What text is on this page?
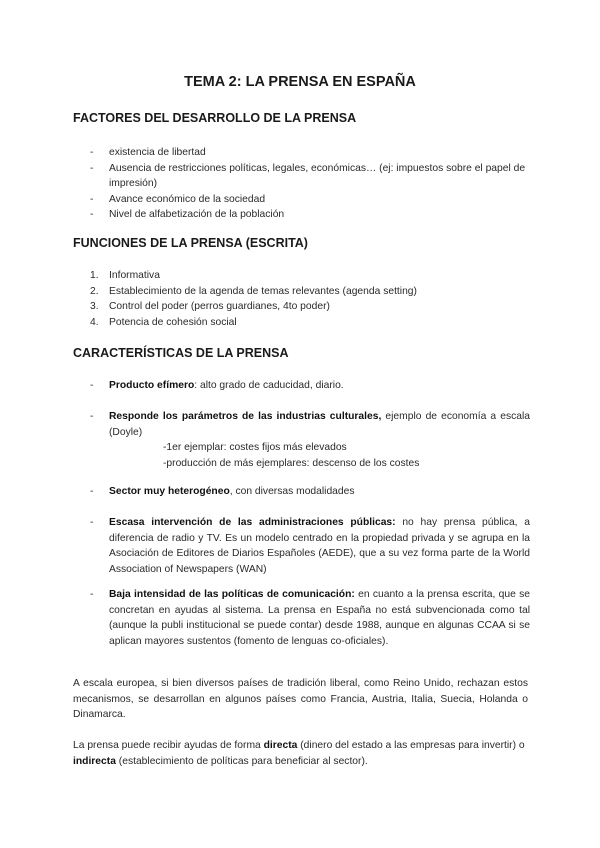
TEMA 2: LA PRENSA EN ESPAÑA
FACTORES DEL DESARROLLO DE LA PRENSA
- existencia de libertad
- Ausencia de restricciones políticas, legales, económicas… (ej: impuestos sobre el papel de impresión)
- Avance económico de la sociedad
- Nivel de alfabetización de la población
FUNCIONES DE LA PRENSA (ESCRITA)
1. Informativa
2. Establecimiento de la agenda de temas relevantes (agenda setting)
3. Control del poder (perros guardianes, 4to poder)
4. Potencia de cohesión social
CARACTERÍSTICAS DE LA PRENSA
- Producto efímero: alto grado de caducidad, diario.
- Responde los parámetros de las industrias culturales, ejemplo de economía a escala (Doyle)
-1er ejemplar: costes fijos más elevados
-producción de más ejemplares: descenso de los costes
- Sector muy heterogéneo, con diversas modalidades
- Escasa intervención de las administraciones públicas: no hay prensa pública, a diferencia de radio y TV. Es un modelo centrado en la propiedad privada y se agrupa en la Asociación de Editores de Diarios Españoles (AEDE), que a su vez forma parte de la World Association of Newspapers (WAN)
- Baja intensidad de las políticas de comunicación: en cuanto a la prensa escrita, que se concretan en ayudas al sistema. La prensa en España no está subvencionada como tal (aunque la publi institucional se puede contar) desde 1988, aunque en algunas CCAA si se aplican mayores sustentos (fomento de lenguas co-oficiales).
A escala europea, si bien diversos países de tradición liberal, como Reino Unido, rechazan estos mecanismos, se desarrollan en algunos países como Francia, Austria, Italia, Suecia, Holanda o Dinamarca.
La prensa puede recibir ayudas de forma directa (dinero del estado a las empresas para invertir) o indirecta (establecimiento de políticas para beneficiar al sector).
